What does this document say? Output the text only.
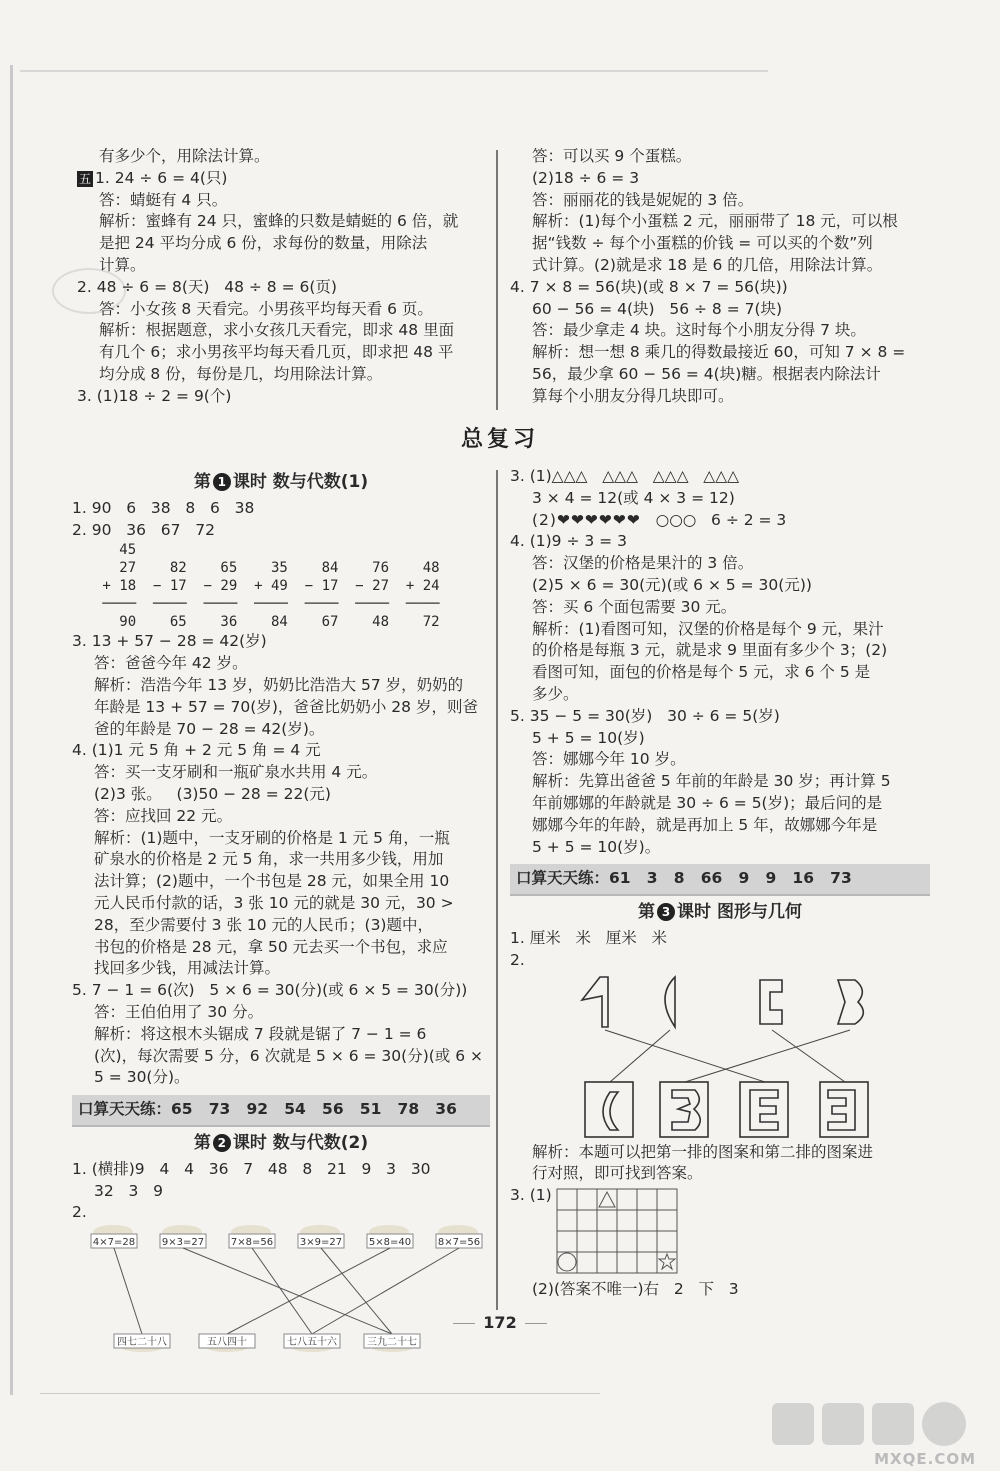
有多少个，用除法计算。

五 1. 24 ÷ 6 = 4(只)

答：蜻蜓有 4 只。

解析：蜜蜂有 24 只，蜜蜂的只数是蜻蜓的 6 倍，就

是把 24 平均分成 6 份，求每份的数量，用除法

计算。

2. 48 ÷ 6 = 8(天)   48 ÷ 8 = 6(页)

答：小女孩 8 天看完。小男孩平均每天看 6 页。

解析：根据题意，求小女孩几天看完，即求 48 里面

有几个 6；求小男孩平均每天看几页，即求把 48 平

均分成 8 份，每份是几，均用除法计算。

3. (1)18 ÷ 2 = 9(个)

答：可以买 9 个蛋糕。

(2)18 ÷ 6 = 3

答：丽丽花的钱是妮妮的 3 倍。

解析：(1)每个小蛋糕 2 元，丽丽带了 18 元，可以根

据“钱数 ÷ 每个小蛋糕的价钱 = 可以买的个数”列

式计算。(2)就是求 18 是 6 的几倍，用除法计算。

4. 7 × 8 = 56(块)(或 8 × 7 = 56(块))

60 − 56 = 4(块)   56 ÷ 8 = 7(块)

答：最少拿走 4 块。这时每个小朋友分得 7 块。

解析：想一想 8 乘几的得数最接近 60，可知 7 × 8 =

56，最少拿 60 − 56 = 4(块)糖。根据表内除法计

算每个小朋友分得几块即可。

总复习
第 1 课时 数与代数(1)

1. 90   6   38   8   6   38

2. 90   36   67   72

45
27    82    65    35    84    76    48
+ 18  − 17  − 29  + 49  − 17  − 27  + 24
────  ────  ────  ────  ────  ────  ────
90    65    36    84    67    48    72

3. 13 + 57 − 28 = 42(岁)

答：爸爸今年 42 岁。

解析：浩浩今年 13 岁，奶奶比浩浩大 57 岁，奶奶的

年龄是 13 + 57 = 70(岁)，爸爸比奶奶小 28 岁，则爸

爸的年龄是 70 − 28 = 42(岁)。

4. (1)1 元 5 角 + 2 元 5 角 = 4 元

答：买一支牙刷和一瓶矿泉水共用 4 元。

(2)3 张。   (3)50 − 28 = 22(元)

答：应找回 22 元。

解析：(1)题中，一支牙刷的价格是 1 元 5 角，一瓶

矿泉水的价格是 2 元 5 角，求一共用多少钱，用加

法计算；(2)题中，一个书包是 28 元，如果全用 10

元人民币付款的话，3 张 10 元的就是 30 元，30 >

28，至少需要付 3 张 10 元的人民币；(3)题中，

书包的价格是 28 元，拿 50 元去买一个书包，求应

找回多少钱，用减法计算。

5. 7 − 1 = 6(次)   5 × 6 = 30(分)(或 6 × 5 = 30(分))

答：王伯伯用了 30 分。

解析：将这根木头锯成 7 段就是锯了 7 − 1 = 6

(次)，每次需要 5 分，6 次就是 5 × 6 = 30(分)(或 6 ×

5 = 30(分)。

口算天天练：65   73   92   54   56   51   78   36
第 2 课时 数与代数(2)

1. (横排)9   4   4   36   7   48   8   21   9   3   30

32   3   9

2.

4×7=28	9×3=27	7×8=56	3×9=27	5×8=40	8×7=56
四七二十八	五八四十	七八五十六	三九二十七

3. (1)△△△   △△△   △△△   △△△

3 × 4 = 12(或 4 × 3 = 12)

(2)❤❤❤❤❤❤   ○○○   6 ÷ 2 = 3

4. (1)9 ÷ 3 = 3

答：汉堡的价格是果汁的 3 倍。

(2)5 × 6 = 30(元)(或 6 × 5 = 30(元))

答：买 6 个面包需要 30 元。

解析：(1)看图可知，汉堡的价格是每个 9 元，果汁

的价格是每瓶 3 元，就是求 9 里面有多少个 3；(2)

看图可知，面包的价格是每个 5 元，求 6 个 5 是

多少。

5. 35 − 5 = 30(岁)   30 ÷ 6 = 5(岁)

5 + 5 = 10(岁)

答：娜娜今年 10 岁。

解析：先算出爸爸 5 年前的年龄是 30 岁；再计算 5

年前娜娜的年龄就是 30 ÷ 6 = 5(岁)；最后问的是

娜娜今年的年龄，就是再加上 5 年，故娜娜今年是

5 + 5 = 10(岁)。

口算天天练：61   3   8   66   9   9   16   73
第 3 课时 图形与几何

1. 厘米   米   厘米   米

2.

解析：本题可以把第一排的图案和第二排的图案进

行对照，即可找到答案。

3. (1)

(2)(答案不唯一)右   2   下   3

172
MXQE.COM
